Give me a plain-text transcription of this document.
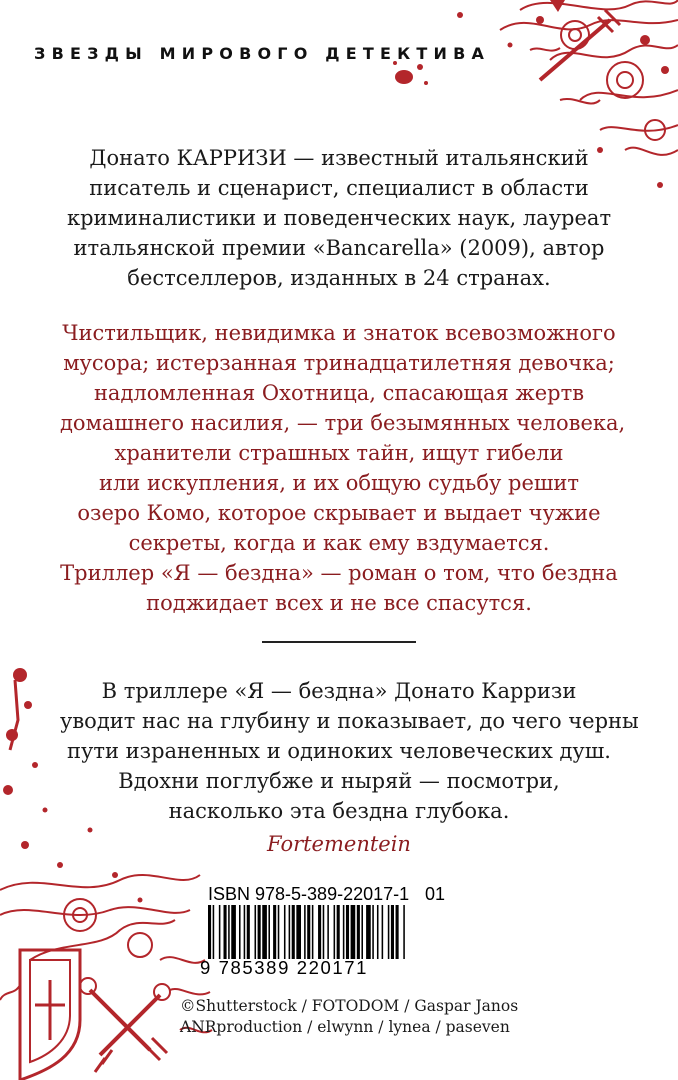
ЗВЕЗДЫ МИРОВОГО ДЕТЕКТИВА

Донато КАРРИЗИ — известный итальянский
писатель и сценарист, специалист в области
криминалистики и поведенческих наук, лауреат
итальянской премии «Bancarella» (2009), автор
бестселлеров, изданных в 24 странах.

Чистильщик, невидимка и знаток всевозможного
мусора; истерзанная тринадцатилетняя девочка;
надломленная Охотница, спасающая жертв
домашнего насилия, — три безымянных человека,
хранители страшных тайн, ищут гибели
или искупления, и их общую судьбу решит
озеро Комо, которое скрывает и выдает чужие
секреты, когда и как ему вздумается.
Триллер «Я — бездна» — роман о том, что бездна
поджидает всех и не все спасутся.

В триллере «Я — бездна» Донато Карризи
уводит нас на глубину и показывает, до чего черны
пути израненных и одиноких человеческих душ.
Вдохни поглубже и ныряй — посмотри,
насколько эта бездна глубока.

Fortementein

ISBN 978-5-389-22017-1 01
9 785389 220171

©Shutterstock / FOTODOM / Gaspar Janos
ANRproduction / elwynn / lynea / paseven
